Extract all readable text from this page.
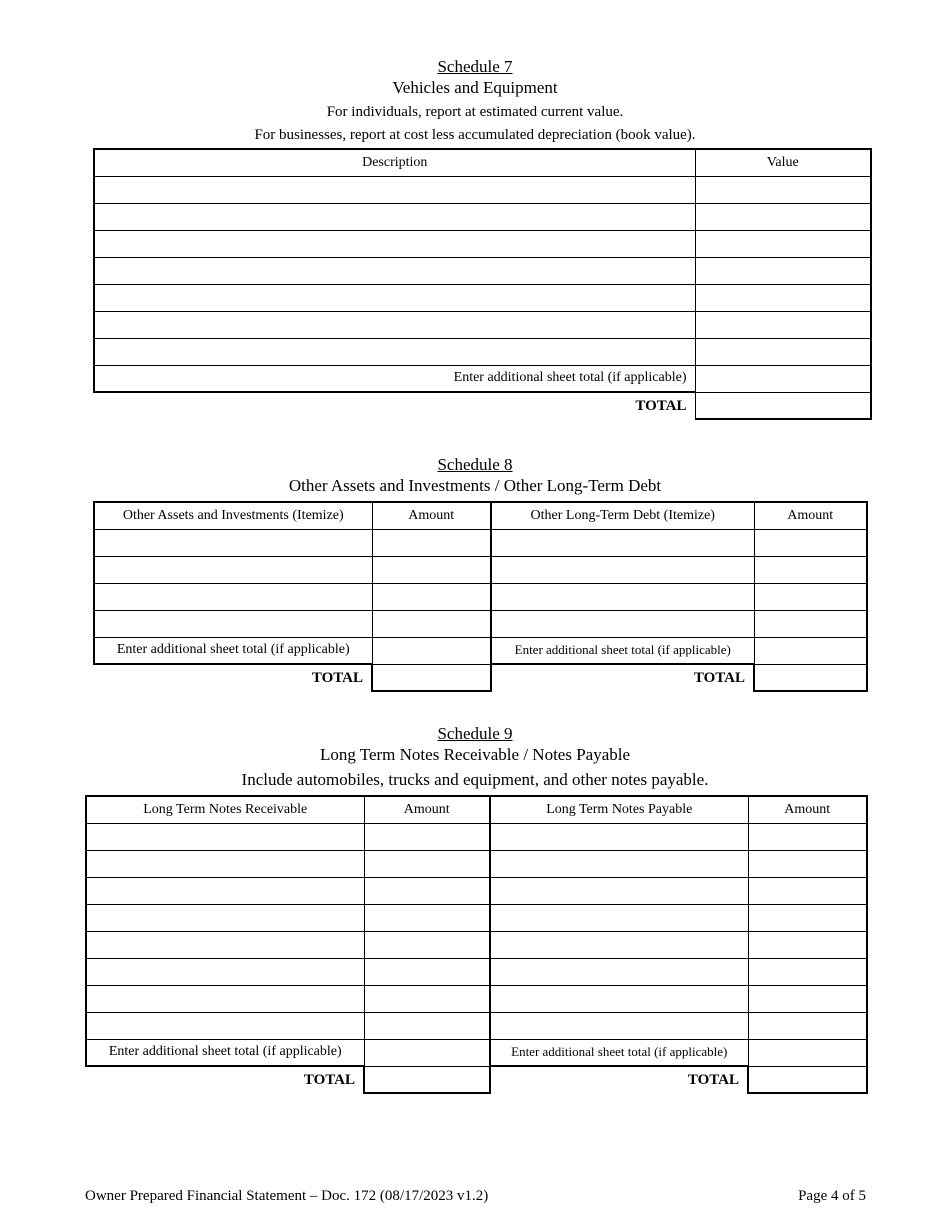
Schedule 7
Vehicles and Equipment
For individuals, report at estimated current value.
For businesses, report at cost less accumulated depreciation (book value).
Description	Value

Enter additional sheet total (if applicable)	
TOTAL	
Schedule 8
Other Assets and Investments / Other Long-Term Debt
Other Assets and Investments (Itemize)	Amount	Other Long-Term Debt (Itemize)	Amount

Enter additional sheet total (if applicable)		Enter additional sheet total (if applicable)	
TOTAL		TOTAL	
Schedule 9
Long Term Notes Receivable / Notes Payable
Include automobiles, trucks and equipment, and other notes payable.
Long Term Notes Receivable	Amount	Long Term Notes Payable	Amount

Enter additional sheet total (if applicable)		Enter additional sheet total (if applicable)	
TOTAL		TOTAL	
Owner Prepared Financial Statement – Doc. 172 (08/17/2023 v1.2)	Page 4 of 5
